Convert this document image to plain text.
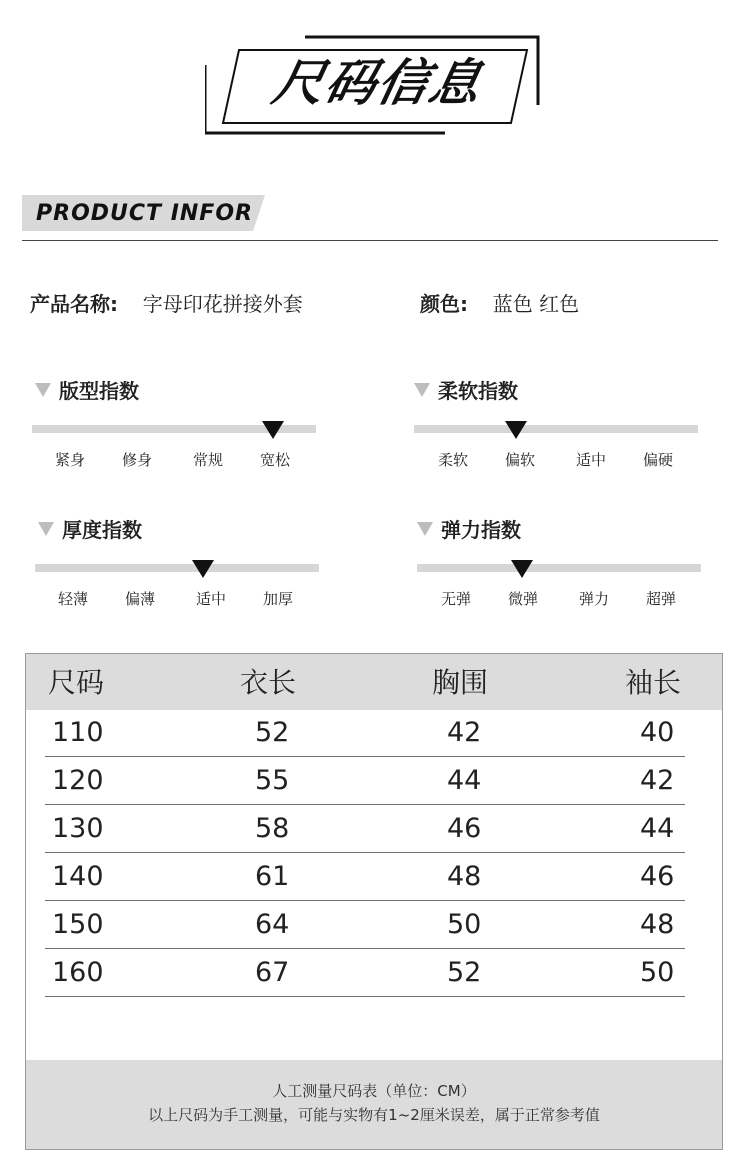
尺码信息
PRODUCT INFOR
产品名称: 字母印花拼接外套	颜色: 蓝色 红色
版型指数
紧身	修身	常规	宽松
柔软指数
柔软	偏软	适中	偏硬
厚度指数
轻薄	偏薄	适中	加厚
弹力指数
无弹	微弹	弹力	超弹
尺码	衣长	胸围	袖长
110	52	42	40
120	55	44	42
130	58	46	44
140	61	48	46
150	64	50	48
160	67	52	50
人工测量尺码表（单位：CM）
以上尺码为手工测量，可能与实物有1~2厘米误差，属于正常参考值
